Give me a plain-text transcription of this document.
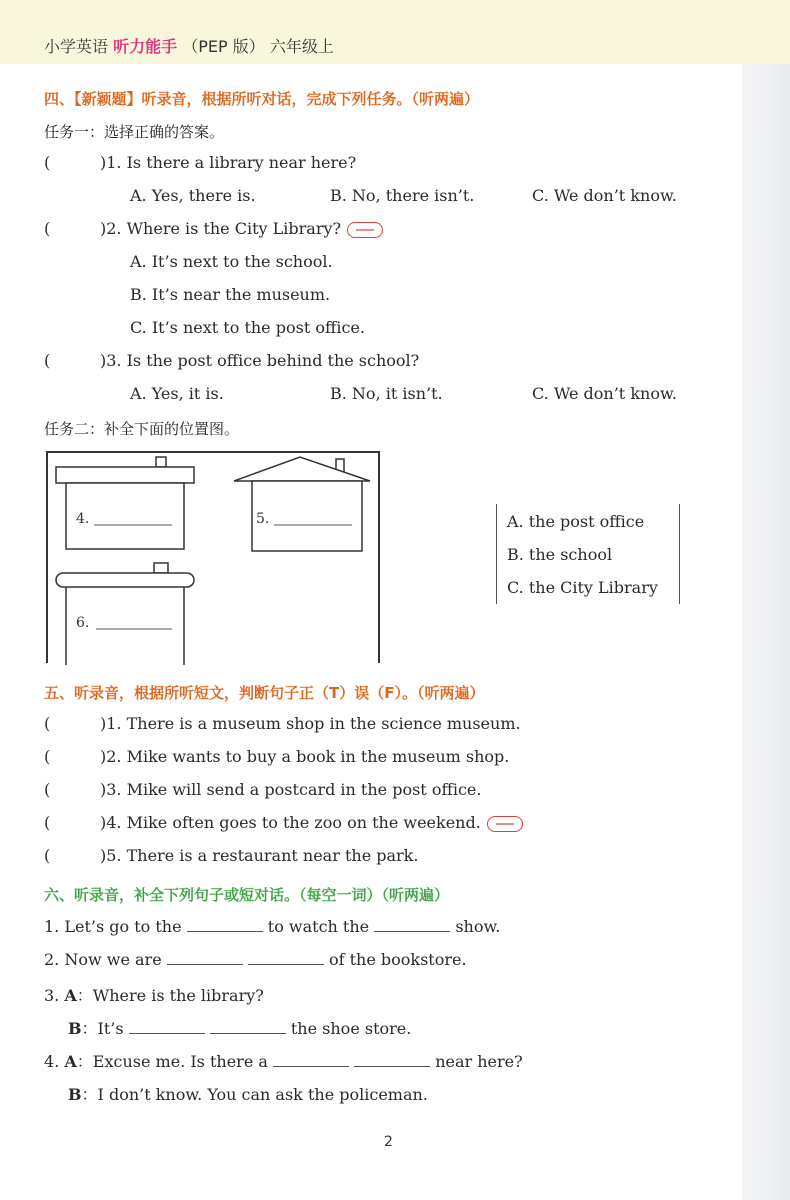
小学英语 听力能手 （PEP 版） 六年级上
四、【新颖题】听录音，根据所听对话，完成下列任务。（听两遍）
任务一：选择正确的答案。
(	)1. Is there a library near here?
A. Yes, there is.	B. No, there isn’t.	C. We don’t know.
(	)2. Where is the City Library?
A. It’s next to the school.
B. It’s near the museum.
C. It’s next to the post office.
(	)3. Is the post office behind the school?
A. Yes, it is.	B. No, it isn’t.	C. We don’t know.
任务二：补全下面的位置图。
4.	5.
6.
A. the post office
B. the school
C. the City Library
五、听录音，根据所听短文，判断句子正（T）误（F）。（听两遍）
(	)1. There is a museum shop in the science museum.
(	)2. Mike wants to buy a book in the museum shop.
(	)3. Mike will send a postcard in the post office.
(	)4. Mike often goes to the zoo on the weekend.
(	)5. There is a restaurant near the park.
六、听录音，补全下列句子或短对话。（每空一词）（听两遍）
1. Let’s go to the	to watch the	show.
2. Now we are	of the bookstore.
3. A：Where is the library?
B：It’s	the shoe store.
4. A：Excuse me. Is there a	near here?
B：I don’t know. You can ask the policeman.
2
